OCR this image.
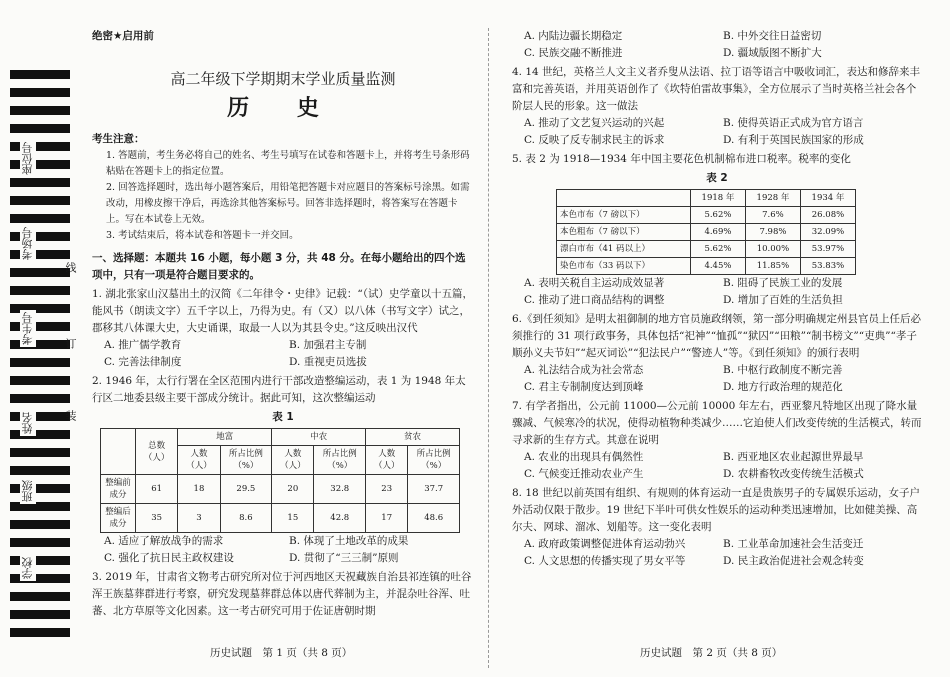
座位号
考场号
考生号
姓名
班级
学校
线
订
装
绝密★启用前
高二年级下学期期末学业质量监测
历 史
考生注意：
1. 答题前，考生务必将自己的姓名、考生号填写在试卷和答题卡上，并将考生号条形码粘贴在答题卡上的指定位置。
2. 回答选择题时，选出每小题答案后，用铅笔把答题卡对应题目的答案标号涂黑。如需改动，用橡皮擦干净后，再选涂其他答案标号。回答非选择题时，将答案写在答题卡上。写在本试卷上无效。
3. 考试结束后，将本试卷和答题卡一并交回。
一、选择题：本题共 16 小题，每小题 3 分，共 48 分。在每小题给出的四个选项中，只有一项是符合题目要求的。
1. 湖北张家山汉墓出土的汉简《二年律令・史律》记载：“（试）史学童以十五篇，能风书（朗读文字）五千字以上，乃得为史。有（又）以八体（书写文字）试之，郡移其八体课大史，大史诵课，取最一人以为其县令史。”这反映出汉代
A. 推广儒学教育	B. 加强君主专制
C. 完善法律制度	D. 重视吏员选拔
2. 1946 年，太行行署在全区范围内进行干部改造整编运动，表 1 为 1948 年太行区二地委县级主要干部成分统计。据此可知，这次整编运动
表 1
	总数（人）	地富		中农		贫农	
		人数（人）	所占比例（%）	人数（人）	所占比例（%）	人数（人）	所占比例（%）
整编前成分	61	18	29.5	20	32.8	23	37.7
整编后成分	35	3	8.6	15	42.8	17	48.6
A. 适应了解放战争的需求	B. 体现了土地改革的成果
C. 强化了抗日民主政权建设	D. 贯彻了“三三制”原则
3. 2019 年，甘肃省文物考古研究所对位于河西地区天祝藏族自治县祁连镇的吐谷浑王族墓葬群进行考察，研究发现墓葬群总体以唐代葬制为主，并混杂吐谷浑、吐蕃、北方草原等文化因素。这一考古研究可用于佐证唐朝时期
A. 内陆边疆长期稳定	B. 中外交往日益密切
C. 民族交融不断推进	D. 疆域版图不断扩大
4. 14 世纪，英格兰人文主义者乔叟从法语、拉丁语等语言中吸收词汇，表达和修辞来丰富和完善英语，并用英语创作了《坎特伯雷故事集》，全方位展示了当时英格兰社会各个阶层人民的形象。这一做法
A. 推动了文艺复兴运动的兴起	B. 使得英语正式成为官方语言
C. 反映了反专制求民主的诉求	D. 有利于英国民族国家的形成
5. 表 2 为 1918—1934 年中国主要花色机制棉布进口税率。税率的变化
表 2
	1918 年	1928 年	1934 年
本色市布（7 磅以下）	5.62%	7.6%	26.08%
本色粗布（7 磅以下）	4.69%	7.98%	32.09%
漂白市布（41 码以上）	5.62%	10.00%	53.97%
染色市布（33 码以下）	4.45%	11.85%	53.83%
A. 表明关税自主运动成效显著	B. 阻碍了民族工业的发展
C. 推动了进口商品结构的调整	D. 增加了百姓的生活负担
6.《到任须知》是明太祖御制的地方官员施政纲领，第一部分明确规定州县官员上任后必须推行的 31 项行政事务，具体包括“祀神”“恤孤”“狱囚”“田粮”“制书榜文”“吏典”“孝子顺孙义夫节妇”“起灭词讼”“犯法民户”“警迹人”等。《到任须知》的颁行表明
A. 礼法结合成为社会常态	B. 中枢行政制度不断完善
C. 君主专制制度达到顶峰	D. 地方行政治理的规范化
7. 有学者指出，公元前 11000—公元前 10000 年左右，西亚黎凡特地区出现了降水量骤减、气候寒冷的状况，使得动植物种类减少……它迫使人们改变传统的生活模式，转而寻求新的生存方式。其意在说明
A. 农业的出现具有偶然性	B. 西亚地区农业起源世界最早
C. 气候变迁推动农业产生	D. 农耕畜牧改变传统生活模式
8. 18 世纪以前英国有组织、有规则的体育运动一直是贵族男子的专属娱乐运动，女子户外活动仅限于散步。19 世纪下半叶可供女性娱乐的运动种类迅速增加，比如健美操、高尔夫、网球、溜冰、划船等。这一变化表明
A. 政府政策调整促进体育运动勃兴	B. 工业革命加速社会生活变迁
C. 人文思想的传播实现了男女平等	D. 民主政治促进社会观念转变
历史试题　第 1 页（共 8 页）	历史试题　第 2 页（共 8 页）
